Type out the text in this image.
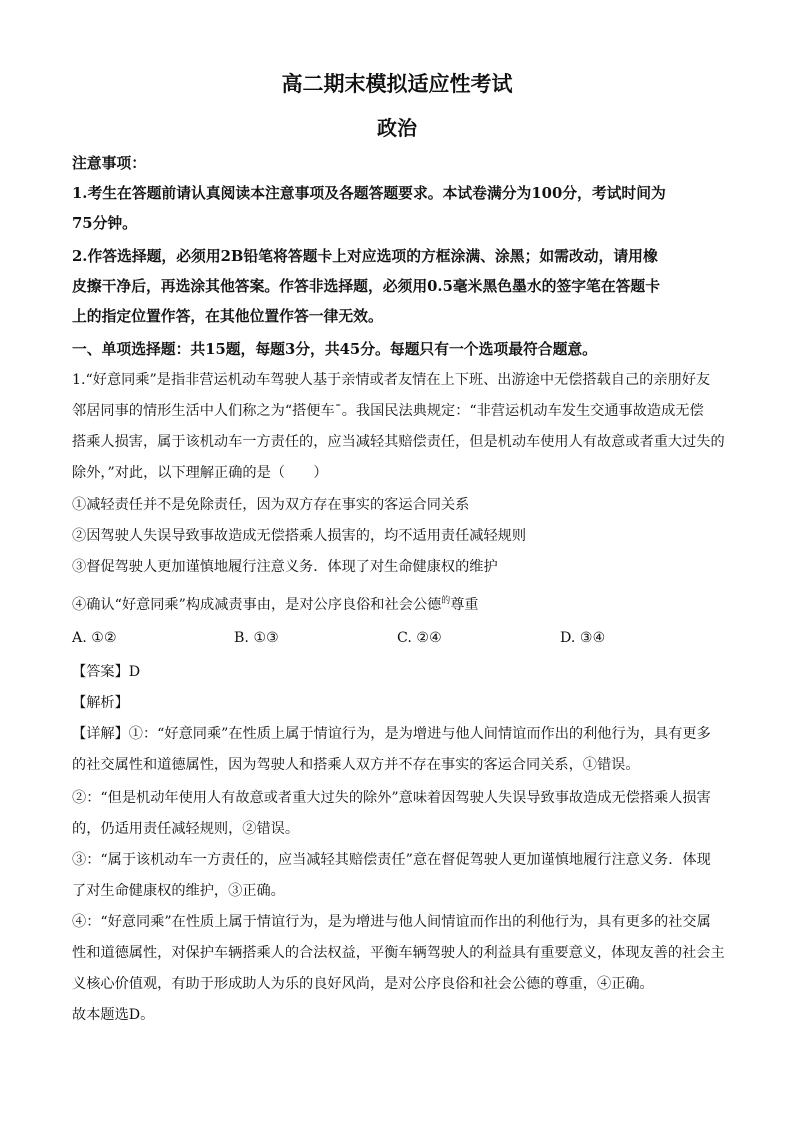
高二期末模拟适应性考试
政治
注意事项：
1.考生在答题前请认真阅读本注意事项及各题答题要求。本试卷满分为100分，考试时间为
75分钟。
2.作答选择题，必须用2B铅笔将答题卡上对应选项的方框涂满、涂黑；如需改动，请用橡
皮擦干净后，再选涂其他答案。作答非选择题，必须用0.5毫米黑色墨水的签字笔在答题卡
上的指定位置作答，在其他位置作答一律无效。
一、单项选择题：共15题，每题3分，共45分。每题只有一个选项最符合题意。
1.“好意同乘”是指非营运机动车驾驶人基于亲情或者友情在上下班、出游途中无偿搭载自己的亲朋好友
邻居同事的情形生活中人们称之为“搭便车ˉ。我国民法典规定：“非营运机动车发生交通事故造成无偿
搭乘人损害，属于该机动车一方责任的，应当减轻其赔偿责任，但是机动车使用人有故意或者重大过失的
除外，”对此，以下理解正确的是（　　）
①减轻责任并不是免除责任，因为双方存在事实的客运合同关系
②因驾驶人失误导致事故造成无偿搭乘人损害的，均不适用责任减轻规则
③督促驾驶人更加谨慎地履行注意义务．体现了对生命健康权的维护
④确认“好意同乘”构成减责事由，是对公序良俗和社会公德$^的$尊重
A. ①②	B. ①③	C. ②④	D. ③④
【答案】D
【解析】
【详解】①：“好意同乘”在性质上属于情谊行为，是为增进与他人间情谊而作出的利他行为，具有更多
的社交属性和道德属性，因为驾驶人和搭乘人双方并不存在事实的客运合同关系，①错误。
②：“但是机动年使用人有故意或者重大过失的除外”意味着因驾驶人失误导致事故造成无偿搭乘人损害
的，仍适用责任减轻规则，②错误。
③：“属于该机动车一方责任的，应当减轻其赔偿责任”意在督促驾驶人更加谨慎地履行注意义务．体现
了对生命健康权的维护，③正确。
④：“好意同乘”在性质上属于情谊行为，是为增进与他人间情谊而作出的利他行为，具有更多的社交属
性和道德属性，对保护车辆搭乘人的合法权益，平衡车辆驾驶人的利益具有重要意义，体现友善的社会主
义核心价值观，有助于形成助人为乐的良好风尚，是对公序良俗和社会公德的尊重，④正确。
故本题选D。
